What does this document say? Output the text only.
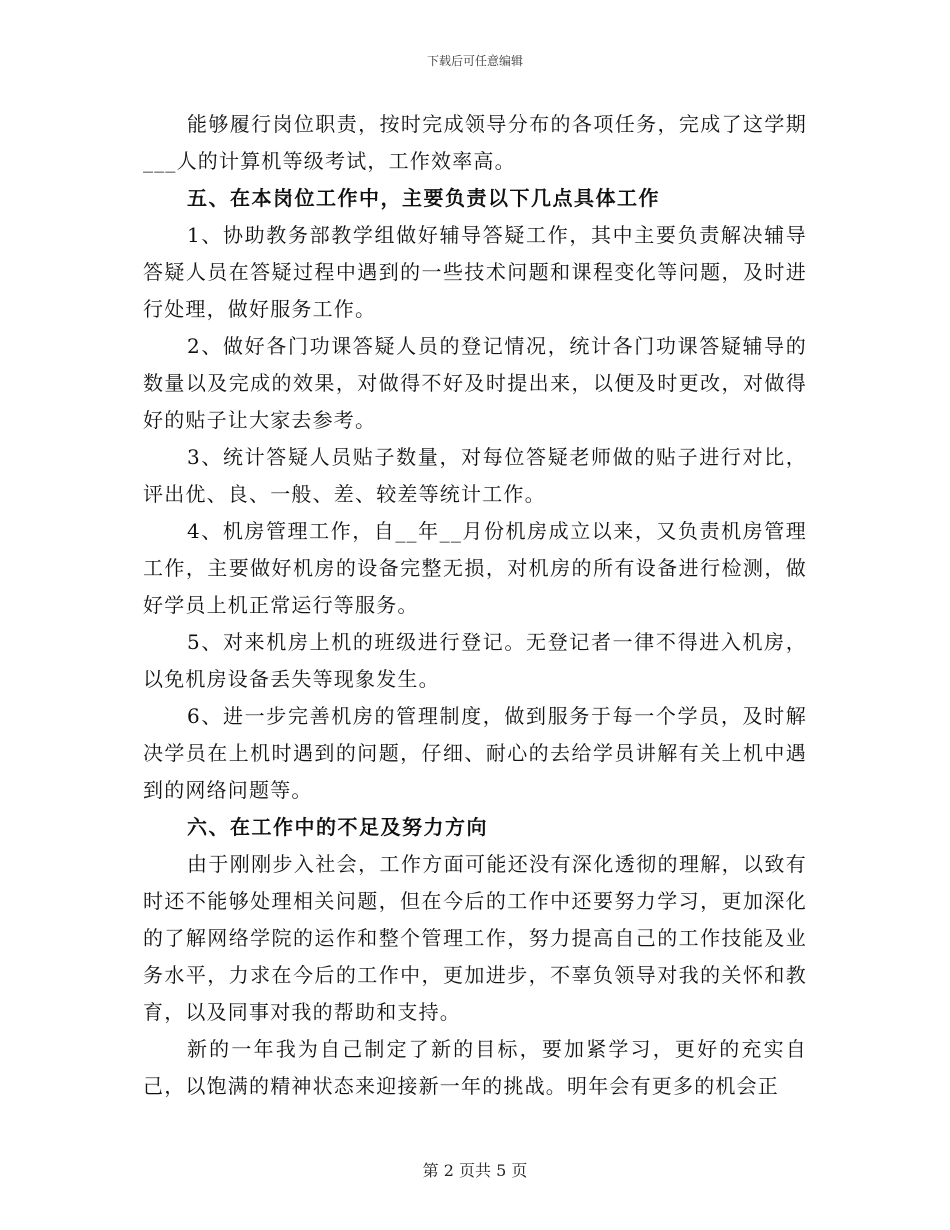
下载后可任意编辑

能够履行岗位职责，按时完成领导分布的各项任务，完成了这学期___人的计算机等级考试，工作效率高。

五、在本岗位工作中，主要负责以下几点具体工作

1、协助教务部教学组做好辅导答疑工作，其中主要负责解决辅导答疑人员在答疑过程中遇到的一些技术问题和课程变化等问题，及时进行处理，做好服务工作。

2、做好各门功课答疑人员的登记情况，统计各门功课答疑辅导的数量以及完成的效果，对做得不好及时提出来，以便及时更改，对做得好的贴子让大家去参考。

3、统计答疑人员贴子数量，对每位答疑老师做的贴子进行对比，评出优、良、一般、差、较差等统计工作。

4、机房管理工作，自__年__月份机房成立以来，又负责机房管理工作，主要做好机房的设备完整无损，对机房的所有设备进行检测，做好学员上机正常运行等服务。

5、对来机房上机的班级进行登记。无登记者一律不得进入机房，以免机房设备丢失等现象发生。

6、进一步完善机房的管理制度，做到服务于每一个学员，及时解决学员在上机时遇到的问题，仔细、耐心的去给学员讲解有关上机中遇到的网络问题等。

六、在工作中的不足及努力方向

由于刚刚步入社会，工作方面可能还没有深化透彻的理解，以致有时还不能够处理相关问题，但在今后的工作中还要努力学习，更加深化的了解网络学院的运作和整个管理工作，努力提高自己的工作技能及业务水平，力求在今后的工作中，更加进步，不辜负领导对我的关怀和教育，以及同事对我的帮助和支持。

新的一年我为自己制定了新的目标，要加紧学习，更好的充实自己，以饱满的精神状态来迎接新一年的挑战。明年会有更多的机会正

第 2 页共 5 页
